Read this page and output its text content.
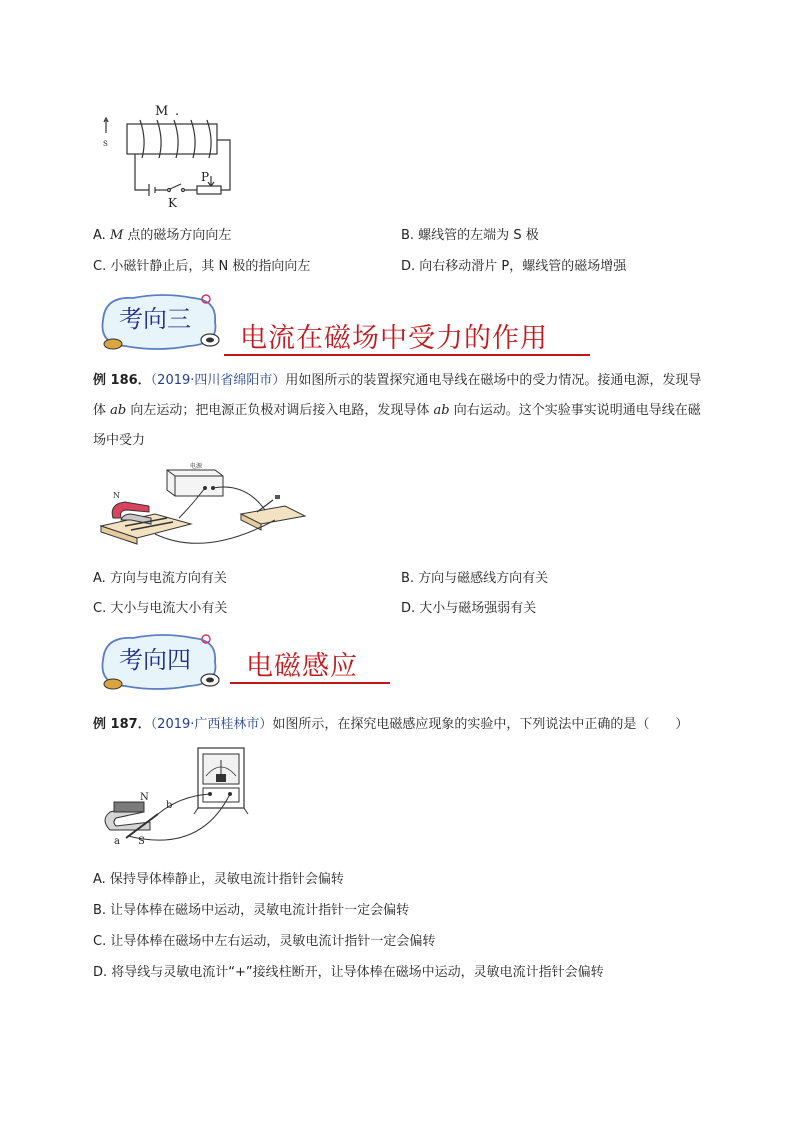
M .
P
K
S
A. M 点的磁场方向向左	B. 螺线管的左端为 S 极
C. 小磁针静止后，其 N 极的指向向左	D. 向右移动滑片 P，螺线管的磁场增强
考向三
电流在磁场中受力的作用
例 186．（2019·四川省绵阳市）用如图所示的装置探究通电导线在磁场中的受力情况。接通电源，发现导体 ab 向左运动；把电源正负极对调后接入电路，发现导体 ab 向右运动。这个实验事实说明通电导线在磁场中受力
电源
N
A. 方向与电流方向有关	B. 方向与磁感线方向有关
C. 大小与电流大小有关	D. 大小与磁场强弱有关
考向四 电磁感应
例 187．（2019·广西桂林市）如图所示，在探究电磁感应现象的实验中，下列说法中正确的是（　　）
N
S
a
b
A. 保持导体棒静止，灵敏电流计指针会偏转
B. 让导体棒在磁场中运动，灵敏电流计指针一定会偏转
C. 让导体棒在磁场中左右运动，灵敏电流计指针一定会偏转
D. 将导线与灵敏电流计“+”接线柱断开，让导体棒在磁场中运动，灵敏电流计指针会偏转
